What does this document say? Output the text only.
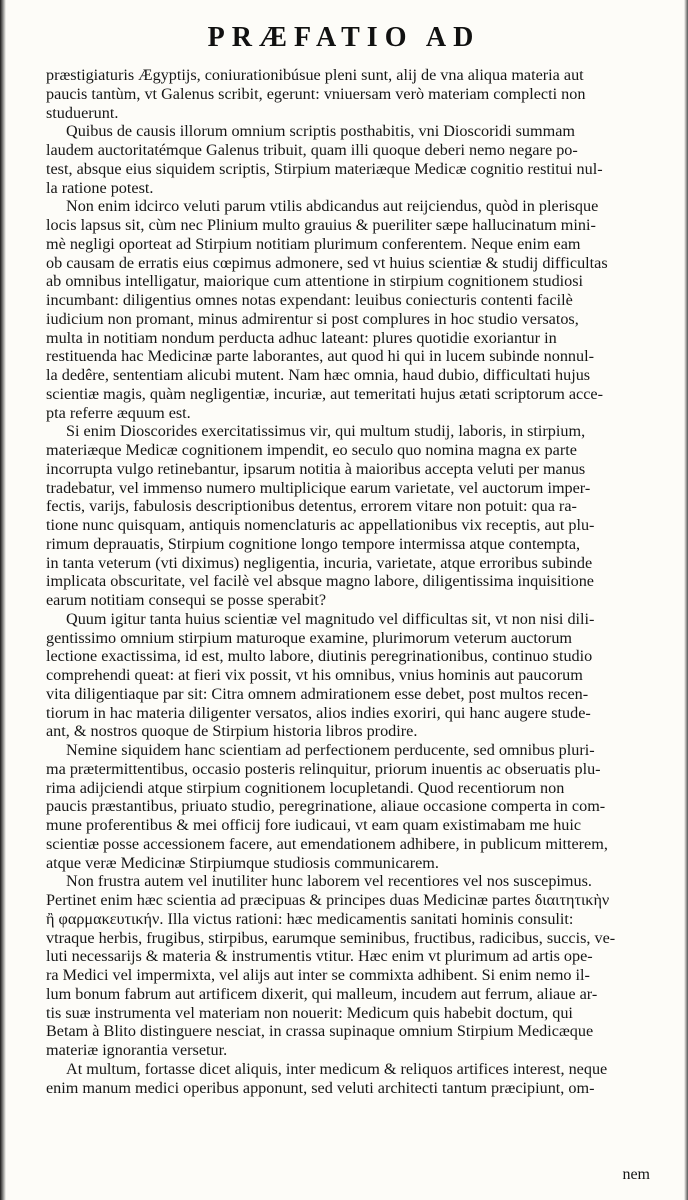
PRÆFATIO AD
præstigiaturis Ægyptijs, coniurationibúsue pleni sunt, alij de vna aliqua materia aut
paucis tantùm, vt Galenus scribit, egerunt: vniuersam verò materiam complecti non
studuerunt.
Quibus de causis illorum omnium scriptis posthabitis, vni Dioscoridi summam
laudem auctoritatémque Galenus tribuit, quam illi quoque deberi nemo negare po-
test, absque eius siquidem scriptis, Stirpium materiæque Medicæ cognitio restitui nul-
la ratione potest.
Non enim idcirco veluti parum vtilis abdicandus aut reijciendus, quòd in plerisque
locis lapsus sit, cùm nec Plinium multo grauius & pueriliter sæpe hallucinatum mini-
mè negligi oporteat ad Stirpium notitiam plurimum conferentem. Neque enim eam
ob causam de erratis eius cœpimus admonere, sed vt huius scientiæ & studij difficultas
ab omnibus intelligatur, maiorique cum attentione in stirpium cognitionem studiosi
incumbant: diligentius omnes notas expendant: leuibus coniecturis contenti facilè
iudicium non promant, minus admirentur si post complures in hoc studio versatos,
multa in notitiam nondum perducta adhuc lateant: plures quotidie exoriantur in
restituenda hac Medicinæ parte laborantes, aut quod hi qui in lucem subinde nonnul-
la dedêre, sententiam alicubi mutent. Nam hæc omnia, haud dubio, difficultati hujus
scientiæ magis, quàm negligentiæ, incuriæ, aut temeritati hujus ætati scriptorum acce-
pta referre æquum est.
Si enim Dioscorides exercitatissimus vir, qui multum studij, laboris, in stirpium,
materiæque Medicæ cognitionem impendit, eo seculo quo nomina magna ex parte
incorrupta vulgo retinebantur, ipsarum notitia à maioribus accepta veluti per manus
tradebatur, vel immenso numero multiplicique earum varietate, vel auctorum imper-
fectis, varijs, fabulosis descriptionibus detentus, errorem vitare non potuit: qua ra-
tione nunc quisquam, antiquis nomenclaturis ac appellationibus vix receptis, aut plu-
rimum deprauatis, Stirpium cognitione longo tempore intermissa atque contempta,
in tanta veterum (vti diximus) negligentia, incuria, varietate, atque erroribus subinde
implicata obscuritate, vel facilè vel absque magno labore, diligentissima inquisitione
earum notitiam consequi se posse sperabit?
Quum igitur tanta huius scientiæ vel magnitudo vel difficultas sit, vt non nisi dili-
gentissimo omnium stirpium maturoque examine, plurimorum veterum auctorum
lectione exactissima, id est, multo labore, diutinis peregrinationibus, continuo studio
comprehendi queat: at fieri vix possit, vt his omnibus, vnius hominis aut paucorum
vita diligentiaque par sit: Citra omnem admirationem esse debet, post multos recen-
tiorum in hac materia diligenter versatos, alios indies exoriri, qui hanc augere stude-
ant, & nostros quoque de Stirpium historia libros prodire.
Nemine siquidem hanc scientiam ad perfectionem perducente, sed omnibus pluri-
ma prætermittentibus, occasio posteris relinquitur, priorum inuentis ac obseruatis plu-
rima adijciendi atque stirpium cognitionem locupletandi. Quod recentiorum non
paucis præstantibus, priuato studio, peregrinatione, aliaue occasione comperta in com-
mune proferentibus & mei officij fore iudicaui, vt eam quam existimabam me huic
scientiæ posse accessionem facere, aut emendationem adhibere, in publicum mitterem,
atque veræ Medicinæ Stirpiumque studiosis communicarem.
Non frustra autem vel inutiliter hunc laborem vel recentiores vel nos suscepimus.
Pertinet enim hæc scientia ad præcipuas & principes duas Medicinæ partes διαιτητικὴν
ἢ φαρμακευτικήν. Illa victus rationi: hæc medicamentis sanitati hominis consulit:
vtraque herbis, frugibus, stirpibus, earumque seminibus, fructibus, radicibus, succis, ve-
luti necessarijs & materia & instrumentis vtitur. Hæc enim vt plurimum ad artis ope-
ra Medici vel impermixta, vel alijs aut inter se commixta adhibent. Si enim nemo il-
lum bonum fabrum aut artificem dixerit, qui malleum, incudem aut ferrum, aliaue ar-
tis suæ instrumenta vel materiam non nouerit: Medicum quis habebit doctum, qui
Betam à Blito distinguere nesciat, in crassa supinaque omnium Stirpium Medicæque
materiæ ignorantia versetur.
At multum, fortasse dicet aliquis, inter medicum & reliquos artifices interest, neque
enim manum medici operibus apponunt, sed veluti architecti tantum præcipiunt, om-
nem
